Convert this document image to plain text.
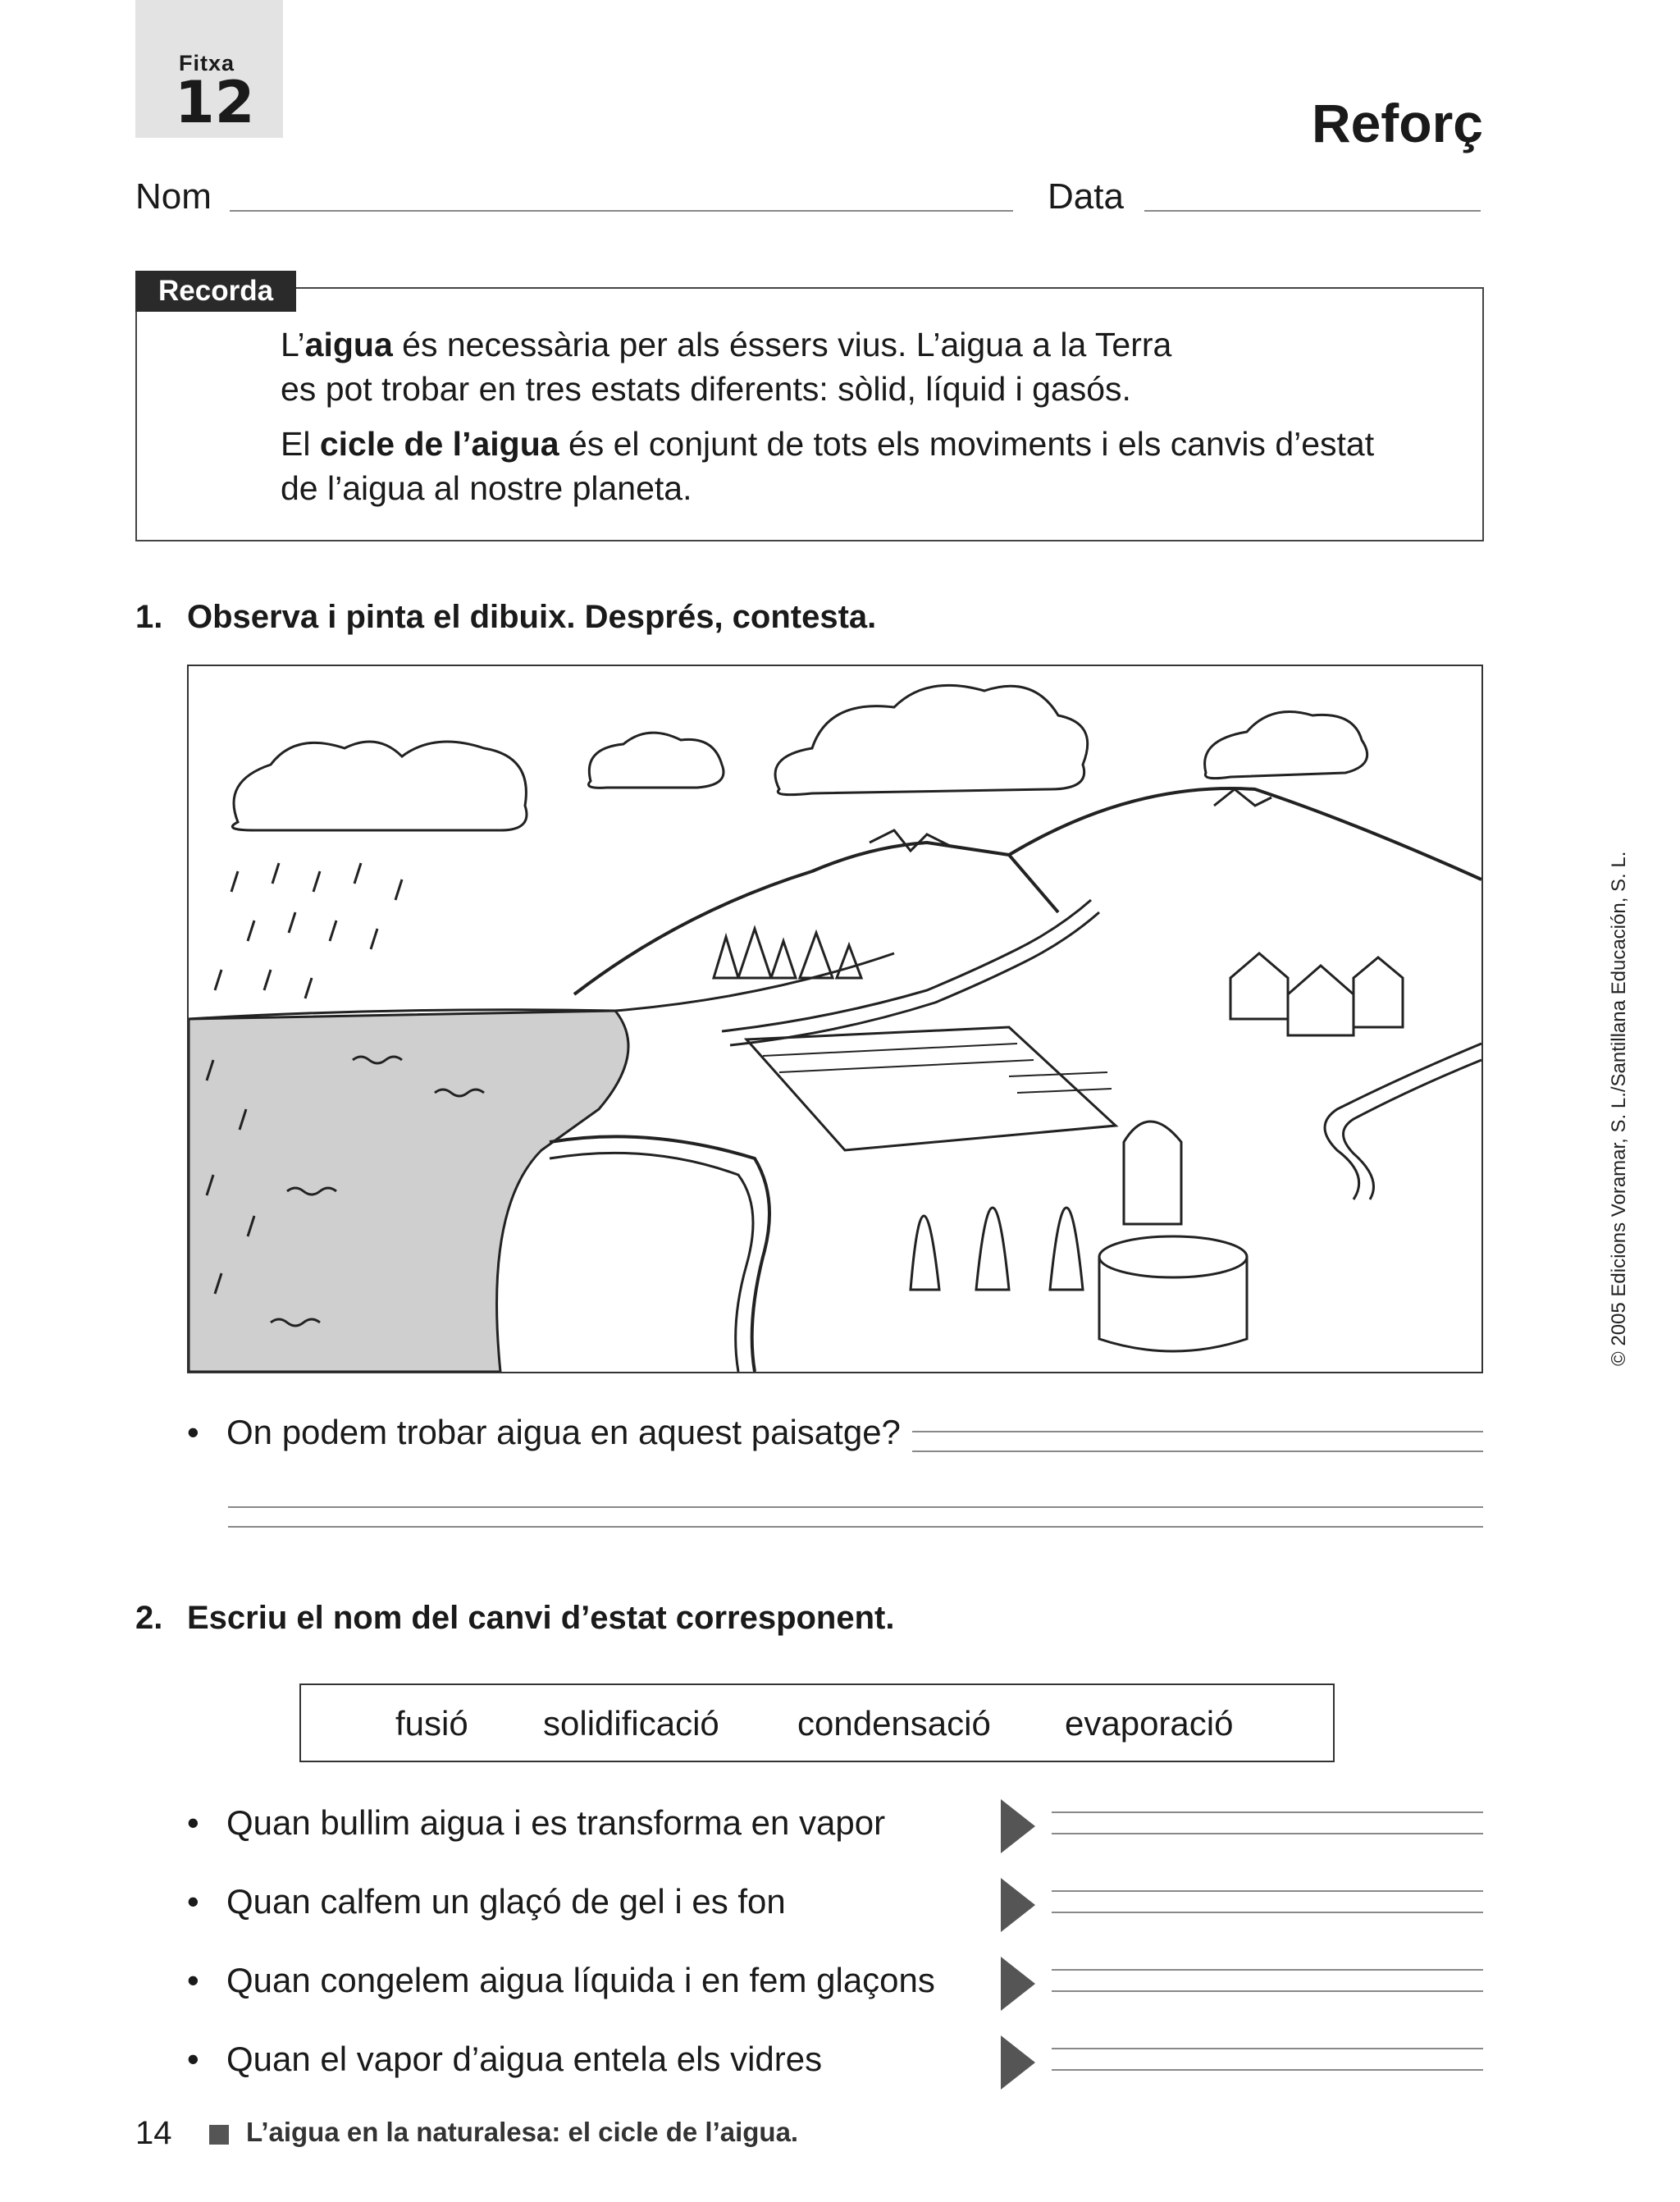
Fitxa
12	Reforç
Nom	Data
Recorda
L’aigua és necessària per als éssers vius. L’aigua a la Terra
es pot trobar en tres estats diferents: sòlid, líquid i gasós.
El cicle de l’aigua és el conjunt de tots els moviments i els canvis d’estat
de l’aigua al nostre planeta.
1. Observa i pinta el dibuix. Després, contesta.
• On podem trobar aigua en aquest paisatge?
2. Escriu el nom del canvi d’estat corresponent.
fusió solidificació condensació evaporació
• Quan bullim aigua i es transforma en vapor
• Quan calfem un glaçó de gel i es fon
• Quan congelem aigua líquida i en fem glaçons
• Quan el vapor d’aigua entela els vidres
14	L’aigua en la naturalesa: el cicle de l’aigua.
© 2005 Edicions Voramar, S. L./Santillana Educación, S. L.
